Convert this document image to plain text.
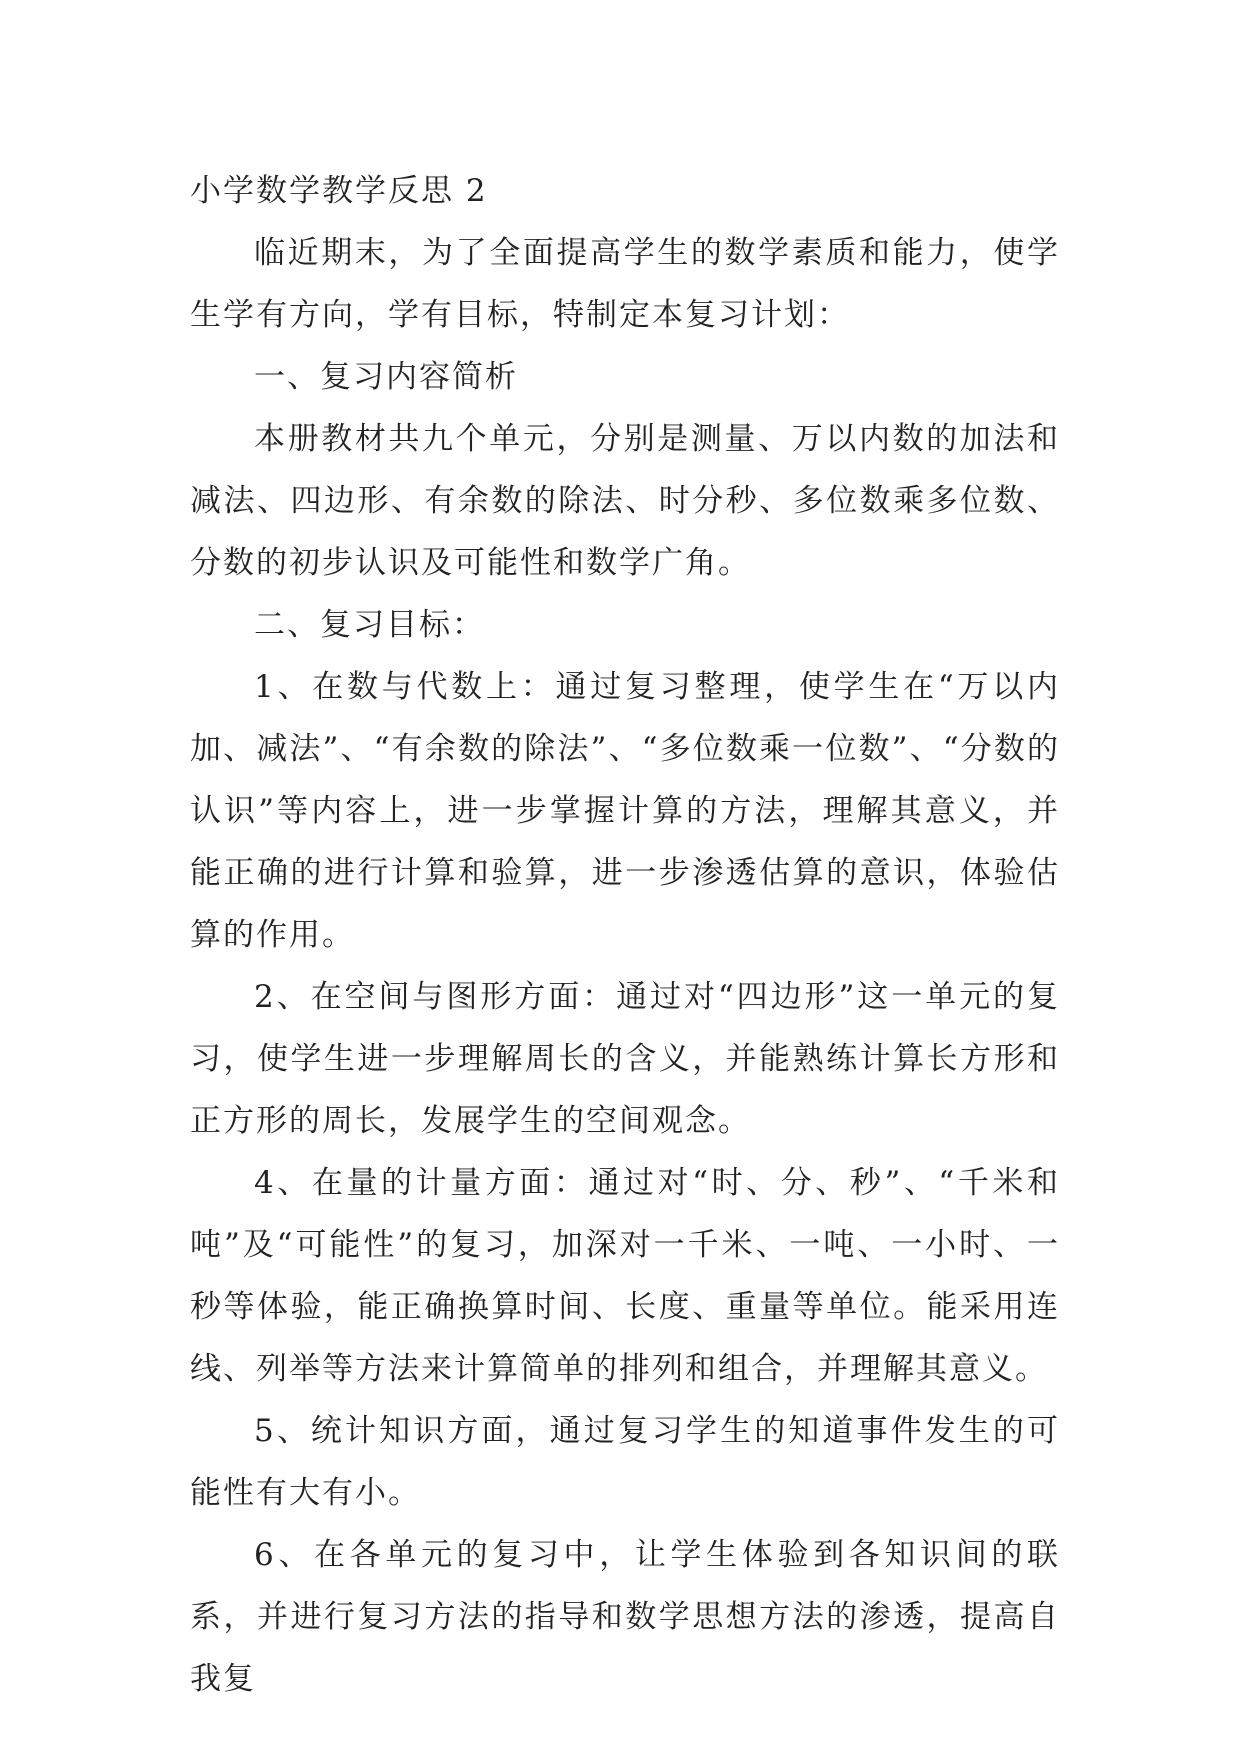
小学数学教学反思 2

临近期末，为了全面提高学生的数学素质和能力，使学生学有方向，学有目标，特制定本复习计划：

一、复习内容简析

本册教材共九个单元，分别是测量、万以内数的加法和减法、四边形、有余数的除法、时分秒、多位数乘多位数、分数的初步认识及可能性和数学广角。

二、复习目标：

1、在数与代数上：通过复习整理，使学生在“万以内加、减法”、“有余数的除法”、“多位数乘一位数”、“分数的认识”等内容上，进一步掌握计算的方法，理解其意义，并能正确的进行计算和验算，进一步渗透估算的意识，体验估算的作用。

2、在空间与图形方面：通过对“四边形”这一单元的复习，使学生进一步理解周长的含义，并能熟练计算长方形和正方形的周长，发展学生的空间观念。

4、在量的计量方面：通过对“时、分、秒”、“千米和吨”及“可能性”的复习，加深对一千米、一吨、一小时、一秒等体验，能正确换算时间、长度、重量等单位。能采用连线、列举等方法来计算简单的排列和组合，并理解其意义。

5、统计知识方面，通过复习学生的知道事件发生的可能性有大有小。

6、在各单元的复习中，让学生体验到各知识间的联系，并进行复习方法的指导和数学思想方法的渗透，提高自我复
